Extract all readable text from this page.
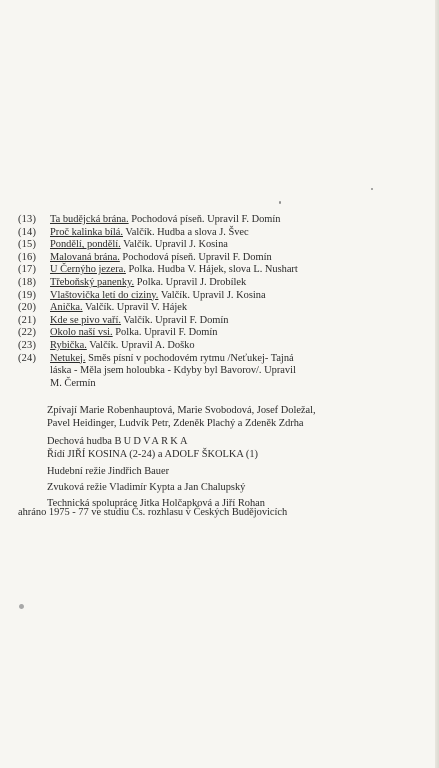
(13)	Ta budějcká brána. Pochodová píseň. Upravil F. Domín
(14)	Proč kalinka bílá. Valčík. Hudba a slova J. Švec
(15)	Pondělí, pondělí. Valčík. Upravil J. Kosina
(16)	Malovaná brána. Pochodová píseň. Upravil F. Domín
(17)	U Černýho jezera. Polka. Hudba V. Hájek, slova L. Nushart
(18)	Třeboňský panenky. Polka. Upravil J. Drobílek
(19)	Vlaštovička letí do ciziny. Valčík. Upravil J. Kosina
(20)	Anička. Valčík. Upravil V. Hájek
(21)	Kde se pivo vaří. Valčík. Upravil F. Domín
(22)	Okolo naší vsi. Polka. Upravil F. Domín
(23)	Rybička. Valčík. Upravil A. Doško
(24)	Netukej. Směs písní v pochodovém rytmu /Neťukej- Tajná
láska - Měla jsem holoubka - Kdyby byl Bavorov/. Upravil
M. Čermín
Zpívají Marie Robenhauptová, Marie Svobodová, Josef Doležal,
Pavel Heidinger, Ludvík Petr, Zdeněk Plachý a Zdeněk Zdrha
Dechová hudba BUDVARKA
Řídí JIŘÍ KOSINA (2-24) a ADOLF ŠKOLKA (1)
Hudební režie Jindřich Bauer
Zvuková režie Vladimír Kypta a Jan Chalupský
Technická spolupráce Jitka Holčapková a Jiří Rohan
ahráno 1975 - 77 ve studiu Čs. rozhlasu v Českých Budějovicích
